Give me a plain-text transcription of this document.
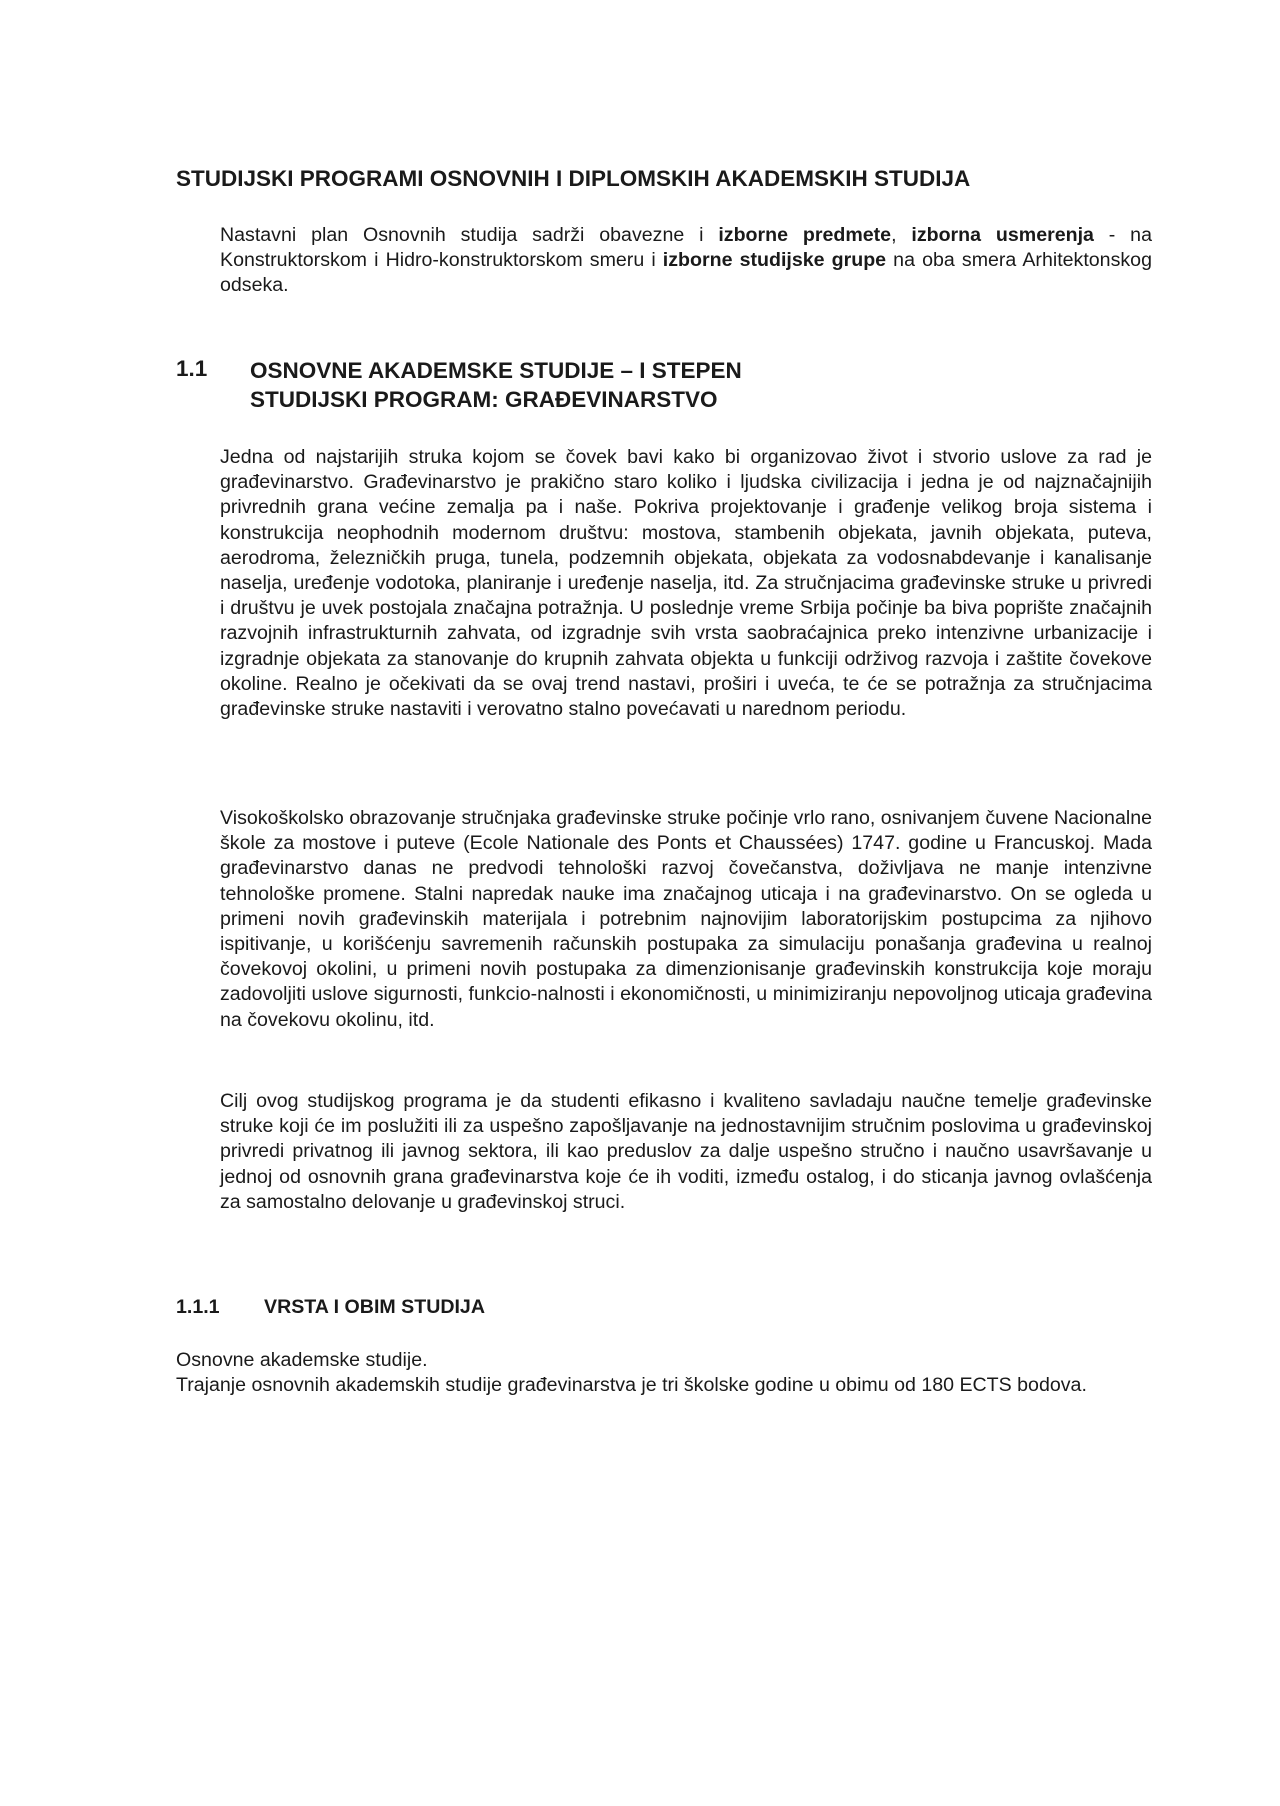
STUDIJSKI PROGRAMI OSNOVNIH I DIPLOMSKIH AKADEMSKIH STUDIJA

Nastavni plan Osnovnih studija sadrži obavezne i izborne predmete, izborna usmerenja - na Konstruktorskom i Hidro-konstruktorskom smeru i izborne studijske grupe na oba smera Arhitektonskog odseka.

1.1 OSNOVNE AKADEMSKE STUDIJE – I STEPEN
STUDIJSKI PROGRAM: GRAĐEVINARSTVO

Jedna od najstarijih struka kojom se čovek bavi kako bi organizovao život i stvorio uslove za rad je građevinarstvo. Građevinarstvo je prakično staro koliko i ljudska civilizacija i jedna je od najznačajnijih privrednih grana većine zemalja pa i naše. Pokriva projektovanje i građenje velikog broja sistema i konstrukcija neophodnih modernom društvu: mostova, stambenih objekata, javnih objekata, puteva, aerodroma, železničkih pruga, tunela, podzemnih objekata, objekata za vodosnabdevanje i kanalisanje naselja, uređenje vodotoka, planiranje i uređenje naselja, itd. Za stručnjacima građevinske struke u privredi i društvu je uvek postojala značajna potražnja. U poslednje vreme Srbija počinje ba biva poprište značajnih razvojnih infrastrukturnih zahvata, od izgradnje svih vrsta saobraćajnica preko intenzivne urbanizacije i izgradnje objekata za stanovanje do krupnih zahvata objekta u funkciji održivog razvoja i zaštite čovekove okoline. Realno je očekivati da se ovaj trend nastavi, proširi i uveća, te će se potražnja za stručnjacima građevinske struke nastaviti i verovatno stalno povećavati u narednom periodu.

Visokoškolsko obrazovanje stručnjaka građevinske struke počinje vrlo rano, osnivanjem čuvene Nacionalne škole za mostove i puteve (Ecole Nationale des Ponts et Chaussées) 1747. godine u Francuskoj. Mada građevinarstvo danas ne predvodi tehnološki razvoj čovečanstva, doživljava ne manje intenzivne tehnološke promene. Stalni napredak nauke ima značajnog uticaja i na građevinarstvo. On se ogleda u primeni novih građevinskih materijala i potrebnim najnovijim laboratorijskim postupcima za njihovo ispitivanje, u korišćenju savremenih računskih postupaka za simulaciju ponašanja građevina u realnoj čovekovoj okolini, u primeni novih postupaka za dimenzionisanje građevinskih konstrukcija koje moraju zadovoljiti uslove sigurnosti, funkcio-nalnosti i ekonomičnosti, u minimiziranju nepovoljnog uticaja građevina na čovekovu okolinu, itd.

Cilj ovog studijskog programa je da studenti efikasno i kvaliteno savladaju naučne temelje građevinske struke koji će im poslužiti ili za uspešno zapošljavanje na jednostavnijim stručnim poslovima u građevinskoj privredi privatnog ili javnog sektora, ili kao preduslov za dalje uspešno stručno i naučno usavršavanje u jednoj od osnovnih grana građevinarstva koje će ih voditi, između ostalog, i do sticanja javnog ovlašćenja za samostalno delovanje u građevinskoj struci.

1.1.1 VRSTA I OBIM STUDIJA

Osnovne akademske studije.
Trajanje osnovnih akademskih studije građevinarstva je tri školske godine u obimu od 180 ECTS bodova.
